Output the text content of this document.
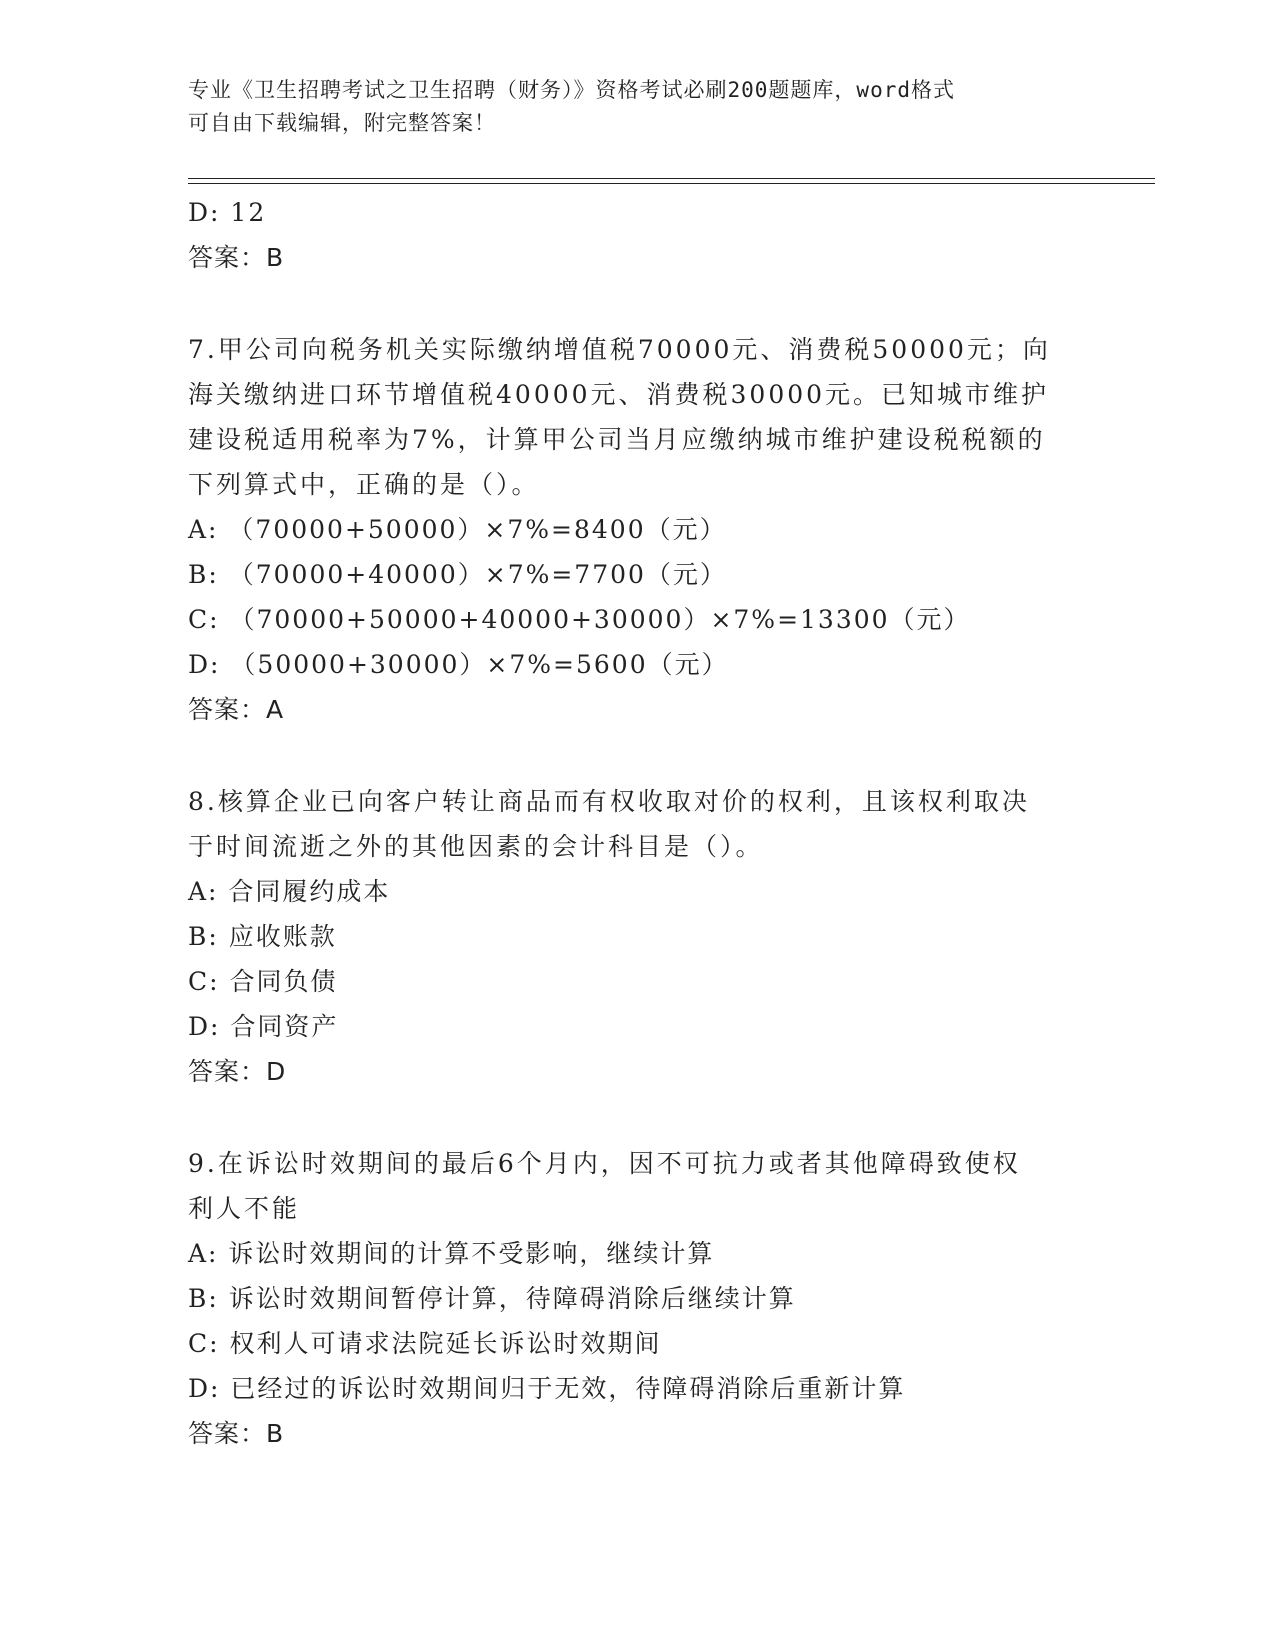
专业《卫生招聘考试之卫生招聘（财务）》资格考试必刷200题题库，word格式
可自由下载编辑，附完整答案！
D: 12
答案：B
7.甲公司向税务机关实际缴纳增值税70000元、消费税50000元；向
海关缴纳进口环节增值税40000元、消费税30000元。已知城市维护
建设税适用税率为7%，计算甲公司当月应缴纳城市维护建设税税额的
下列算式中，正确的是（）。
A: （70000+50000）×7%=8400（元）
B: （70000+40000）×7%=7700（元）
C: （70000+50000+40000+30000）×7%=13300（元）
D: （50000+30000）×7%=5600（元）
答案：A
8.核算企业已向客户转让商品而有权收取对价的权利，且该权利取决
于时间流逝之外的其他因素的会计科目是（）。
A: 合同履约成本
B: 应收账款
C: 合同负债
D: 合同资产
答案：D
9.在诉讼时效期间的最后6个月内，因不可抗力或者其他障碍致使权
利人不能
A: 诉讼时效期间的计算不受影响，继续计算
B: 诉讼时效期间暂停计算，待障碍消除后继续计算
C: 权利人可请求法院延长诉讼时效期间
D: 已经过的诉讼时效期间归于无效，待障碍消除后重新计算
答案：B
